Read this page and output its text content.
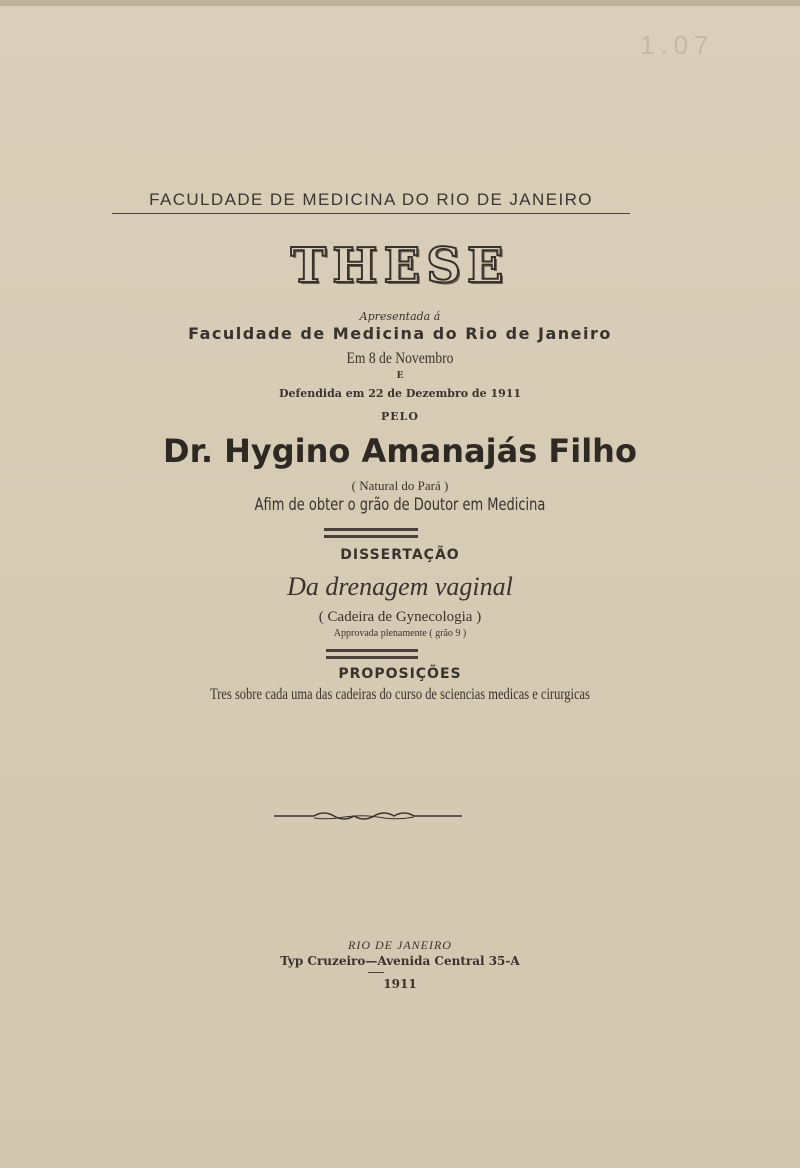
1.07
FACULDADE DE MEDICINA DO RIO DE JANEIRO
THESE
Apresentada á
Faculdade de Medicina do Rio de Janeiro
Em 8 de Novembro
E
Defendida em 22 de Dezembro de 1911
PELO
Dr. Hygino Amanajás Filho
( Natural do Pará )
Afim de obter o grão de Doutor em Medicina
DISSERTAÇÃO
Da drenagem vaginal
( Cadeira de Gynecologia )
Approvada plenamente ( grão 9 )
PROPOSIÇÕES
Tres sobre cada uma das cadeiras do curso de sciencias medicas e cirurgicas
RIO DE JANEIRO
Typ Cruzeiro—Avenida Central 35-A
1911
